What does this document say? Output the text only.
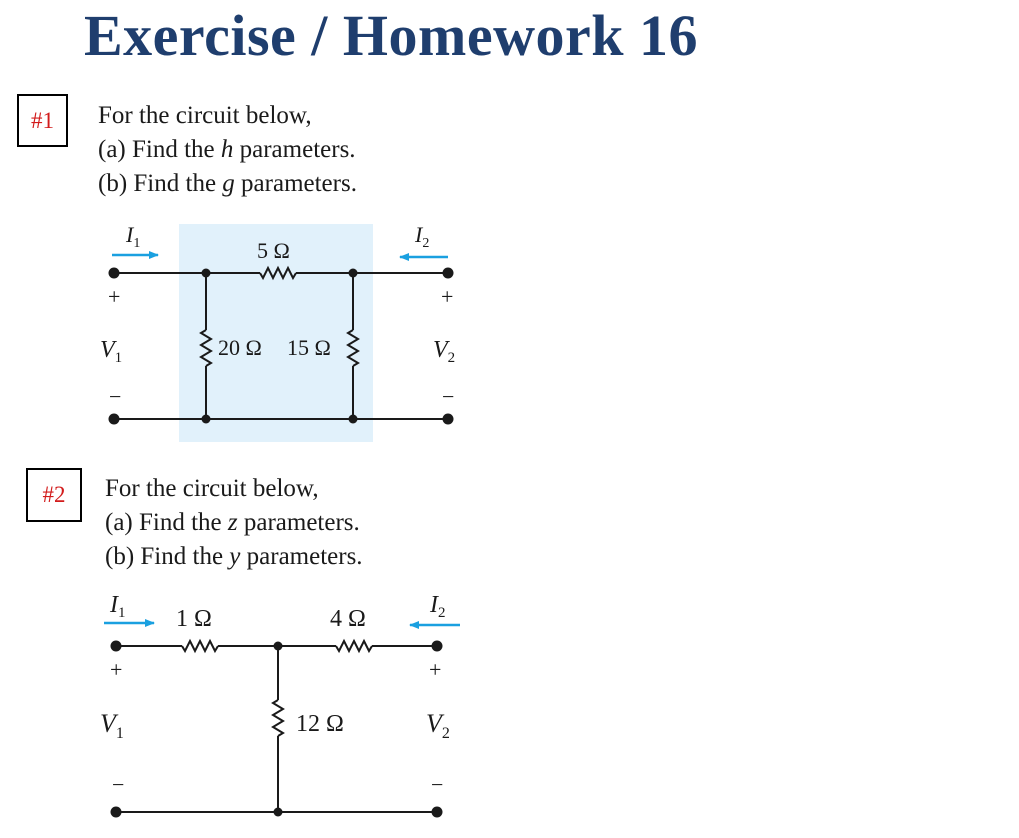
Exercise / Homework 16
#1 For the circuit below,
(a) Find the h parameters.
(b) Find the g parameters.
#2 For the circuit below,
(a) Find the z parameters.
(b) Find the y parameters.
$I_1$	$I_2$
5 Ω
20 Ω 15 Ω
+	+
−	−
$V_1$	$V_2$
$I_1$	$I_2$
1 Ω	4 Ω
12 Ω
+	+
−	−
$V_1$	$V_2$
